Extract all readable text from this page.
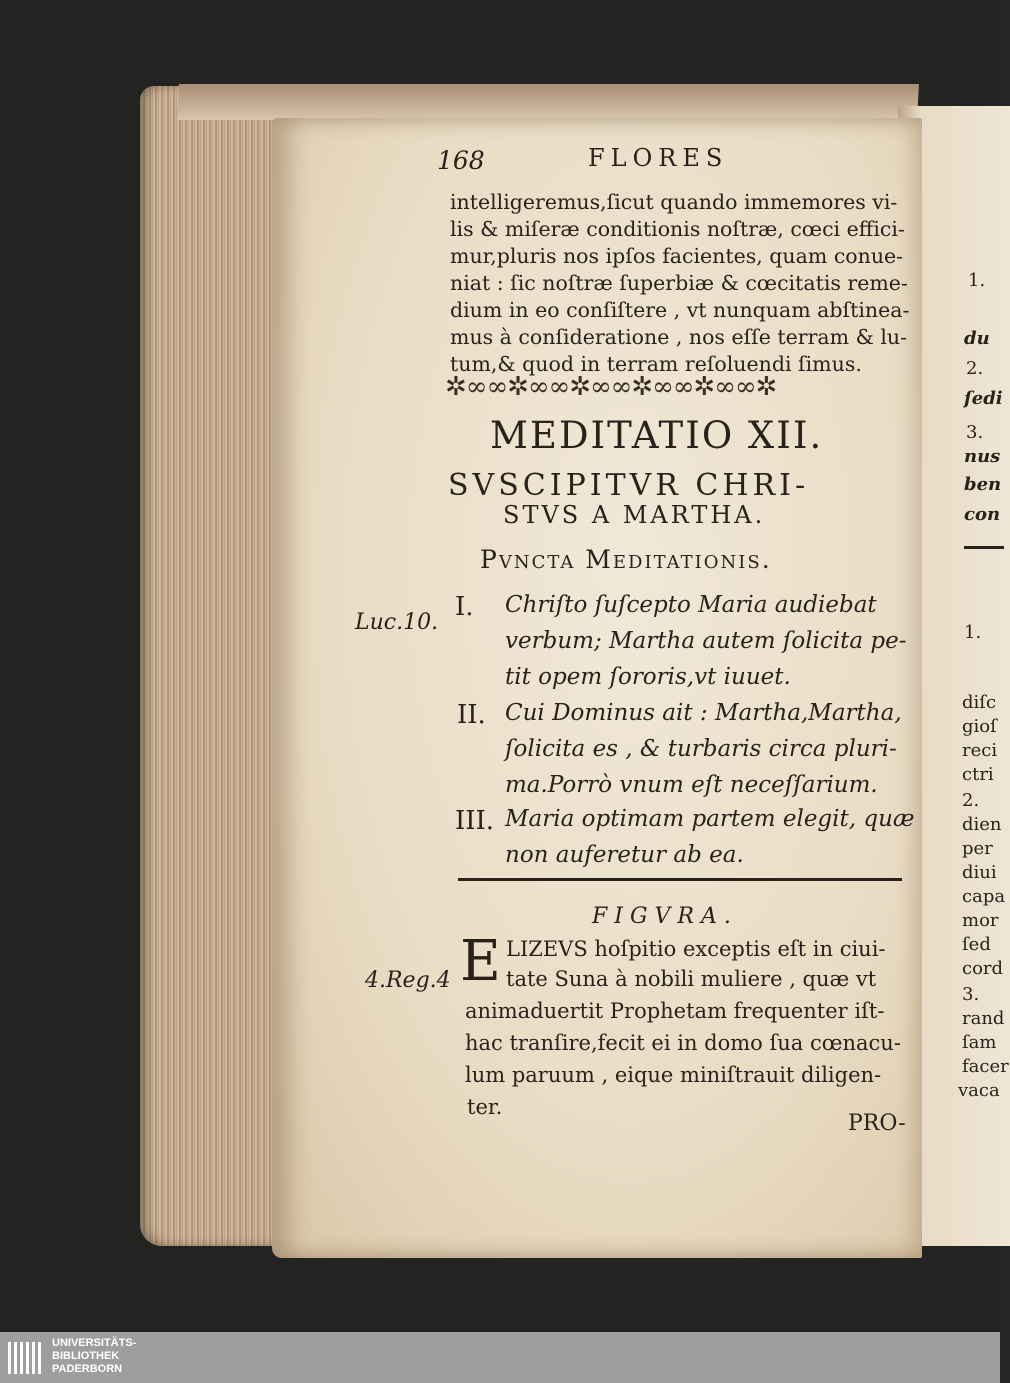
1.
du
2.
ſedi
3.
nus
ben
con
1.
diſc
gioſ
reci
ctri
2.
dien
per
diui
capa
mor
ſed
cord
3.
rand
ſam
facer
vaca
168	FLORES
intelligeremus,ſicut quando immemores vi-
lis & miſeræ conditionis noſtræ, cœci effici-
mur,pluris nos ipſos facientes, quam conue-
niat : ſic noſtræ ſuperbiæ & cœcitatis reme-
dium in eo conſiſtere , vt nunquam abſtinea-
mus à conſideratione , nos eſſe terram & lu-
tum,& quod in terram reſoluendi ſimus.
✲∞∞✲∞∞✲∞∞✲∞∞✲∞∞✲
MEDITATIO XII.
SVSCIPITVR CHRI-
STVS A MARTHA.
Pvncta Meditationis.
Luc.10.
I. Chriſto ſuſcepto Maria audiebat
verbum; Martha autem ſolicita pe-
tit opem ſororis,vt iuuet.
II. Cui Dominus ait : Martha,Martha,
ſolicita es , & turbaris circa pluri-
ma.Porrò vnum eſt neceſſarium.
III. Maria optimam partem elegit, quæ
non auferetur ab ea.
FIGVRA.
4.Reg.4 E LIZEVS hoſpitio exceptis eſt in ciui-
tate Suna à nobili muliere , quæ vt
animaduertit Prophetam frequenter iſt-
hac tranſire,fecit ei in domo ſua cœnacu-
lum paruum , eique miniſtrauit diligen-
ter.
PRO-
UNIVERSITÄTS-
BIBLIOTHEK
PADERBORN
